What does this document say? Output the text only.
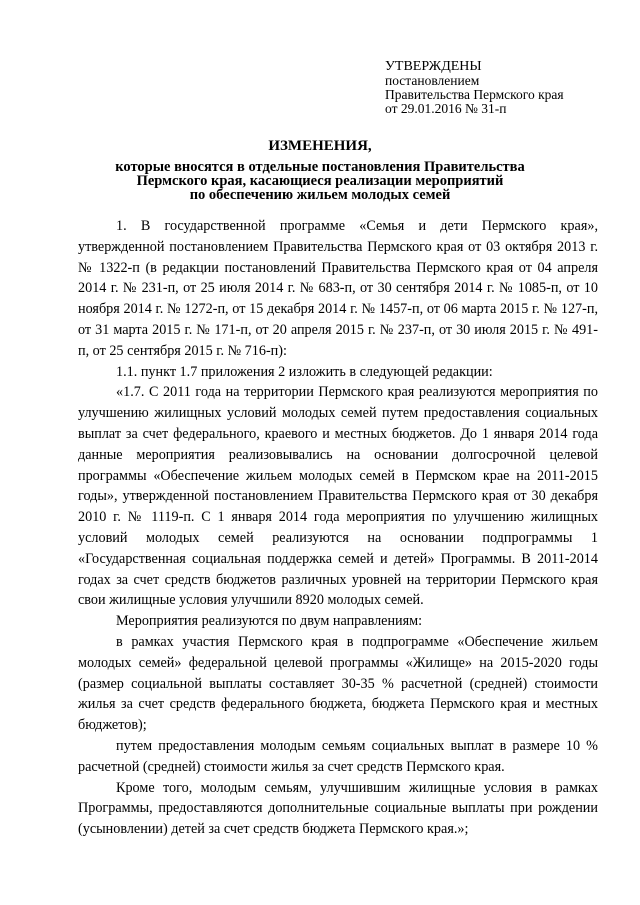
УТВЕРЖДЕНЫ
постановлением
Правительства Пермского края
от 29.01.2016 № 31-п
ИЗМЕНЕНИЯ,
которые вносятся в отдельные постановления Правительства
Пермского края, касающиеся реализации мероприятий
по обеспечению жильем молодых семей

1. В государственной программе «Семья и дети Пермского края», утвержденной постановлением Правительства Пермского края от 03 октября 2013 г. № 1322-п (в редакции постановлений Правительства Пермского края от 04 апреля 2014 г. № 231-п, от 25 июля 2014 г. № 683-п, от 30 сентября 2014 г. № 1085-п, от 10 ноября 2014 г. № 1272-п, от 15 декабря 2014 г. № 1457-п, от 06 марта 2015 г. № 127-п, от 31 марта 2015 г. № 171-п, от 20 апреля 2015 г. № 237-п, от 30 июля 2015 г. № 491-п, от 25 сентября 2015 г. № 716-п):

1.1. пункт 1.7 приложения 2 изложить в следующей редакции:

«1.7. С 2011 года на территории Пермского края реализуются мероприятия по улучшению жилищных условий молодых семей путем предоставления социальных выплат за счет федерального, краевого и местных бюджетов. До 1 января 2014 года данные мероприятия реализовывались на основании долгосрочной целевой программы «Обеспечение жильем молодых семей в Пермском крае на 2011-2015 годы», утвержденной постановлением Правительства Пермского края от 30 декабря 2010 г. № 1119-п. С 1 января 2014 года мероприятия по улучшению жилищных условий молодых семей реализуются на основании подпрограммы 1 «Государственная социальная поддержка семей и детей» Программы. В 2011-2014 годах за счет средств бюджетов различных уровней на территории Пермского края свои жилищные условия улучшили 8920 молодых семей.

Мероприятия реализуются по двум направлениям:

в рамках участия Пермского края в подпрограмме «Обеспечение жильем молодых семей» федеральной целевой программы «Жилище» на 2015-2020 годы (размер социальной выплаты составляет 30-35 % расчетной (средней) стоимости жилья за счет средств федерального бюджета, бюджета Пермского края и местных бюджетов);

путем предоставления молодым семьям социальных выплат в размере 10 % расчетной (средней) стоимости жилья за счет средств Пермского края.

Кроме того, молодым семьям, улучшившим жилищные условия в рамках Программы, предоставляются дополнительные социальные выплаты при рождении (усыновлении) детей за счет средств бюджета Пермского края.»;
